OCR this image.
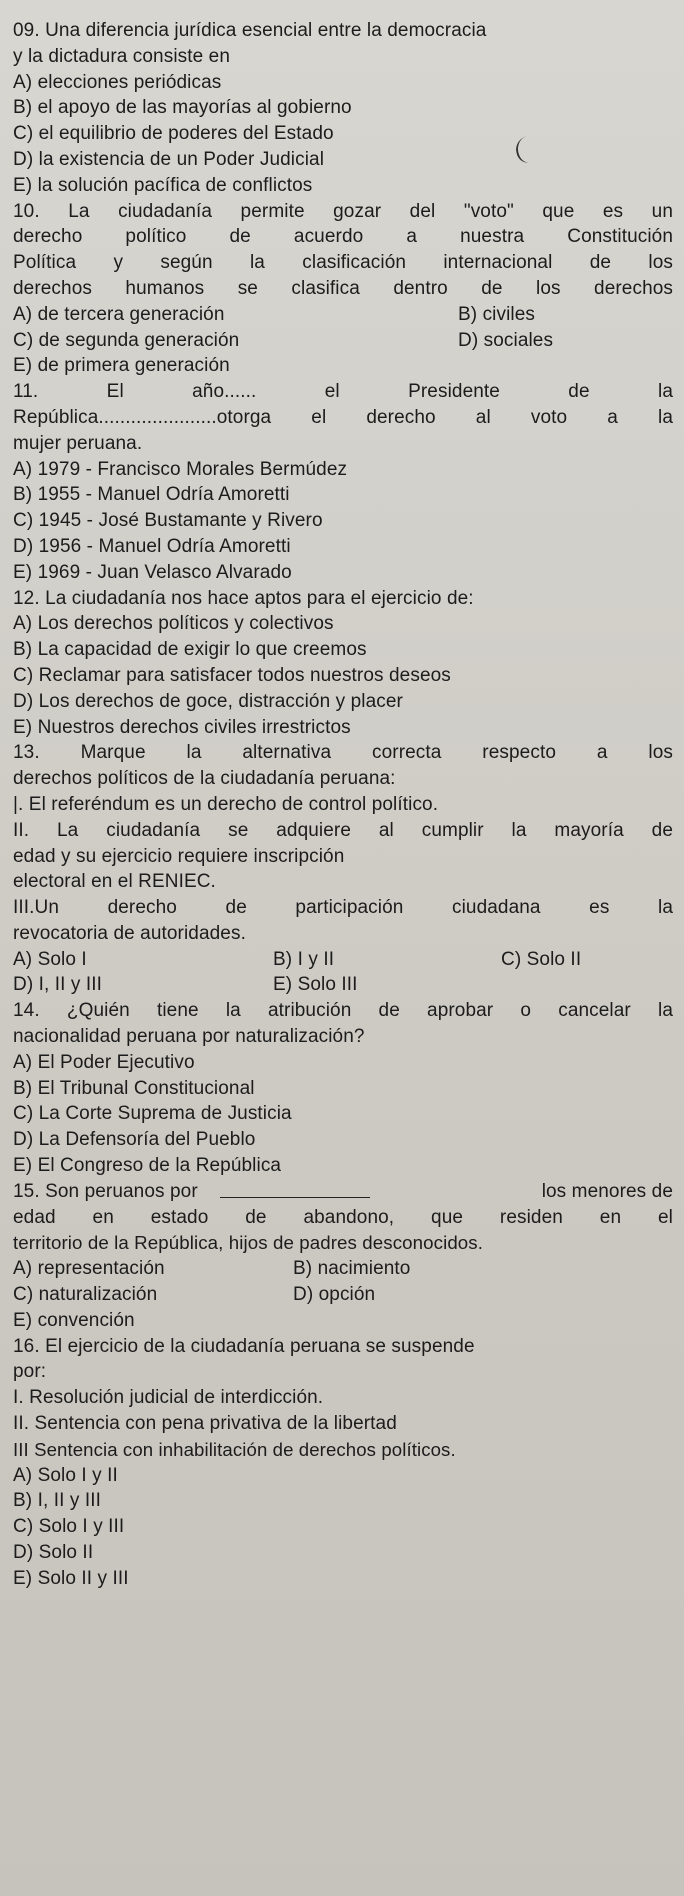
09. Una diferencia jurídica esencial entre la democracia
y la dictadura consiste en
A) elecciones periódicas
B) el apoyo de las mayorías al gobierno
C) el equilibrio de poderes del Estado
D) la existencia de un Poder Judicial
E) la solución pacífica de conflictos
10. La ciudadanía permite gozar del "voto" que es un
derecho político de acuerdo a nuestra Constitución
Política y según la clasificación internacional de los
derechos humanos se clasifica dentro de los derechos
A) de tercera generación	B) civiles
C) de segunda generación	D) sociales
E) de primera generación
11. El año...... el Presidente de la
República......................otorga el derecho al voto a la
mujer peruana.
A) 1979 - Francisco Morales Bermúdez
B) 1955 - Manuel Odría Amoretti
C) 1945 - José Bustamante y Rivero
D) 1956 - Manuel Odría Amoretti
E) 1969 - Juan Velasco Alvarado
12. La ciudadanía nos hace aptos para el ejercicio de:
A) Los derechos políticos y colectivos
B) La capacidad de exigir lo que creemos
C) Reclamar para satisfacer todos nuestros deseos
D) Los derechos de goce, distracción y placer
E) Nuestros derechos civiles irrestrictos
13. Marque la alternativa correcta respecto a los
derechos políticos de la ciudadanía peruana:
|. El referéndum es un derecho de control político.
II. La ciudadanía se adquiere al cumplir la mayoría de
edad y su ejercicio requiere inscripción
electoral en el RENIEC.
III.Un derecho de participación ciudadana es la
revocatoria de autoridades.
A) Solo I	B) I y II	C) Solo II
D) I, II y III	E) Solo III
14. ¿Quién tiene la atribución de aprobar o cancelar la
nacionalidad peruana por naturalización?
A) El Poder Ejecutivo
B) El Tribunal Constitucional
C) La Corte Suprema de Justicia
D) La Defensoría del Pueblo
E) El Congreso de la República
15. Son peruanos por	los menores de
edad en estado de abandono, que residen en el
territorio de la República, hijos de padres desconocidos.
A) representación	B) nacimiento
C) naturalización	D) opción
E) convención
16. El ejercicio de la ciudadanía peruana se suspende
por:
I. Resolución judicial de interdicción.
II. Sentencia con pena privativa de la libertad
III Sentencia con inhabilitación de derechos políticos.
A) Solo I y II
B) I, II y III
C) Solo I y III
D) Solo II
E) Solo II y III
